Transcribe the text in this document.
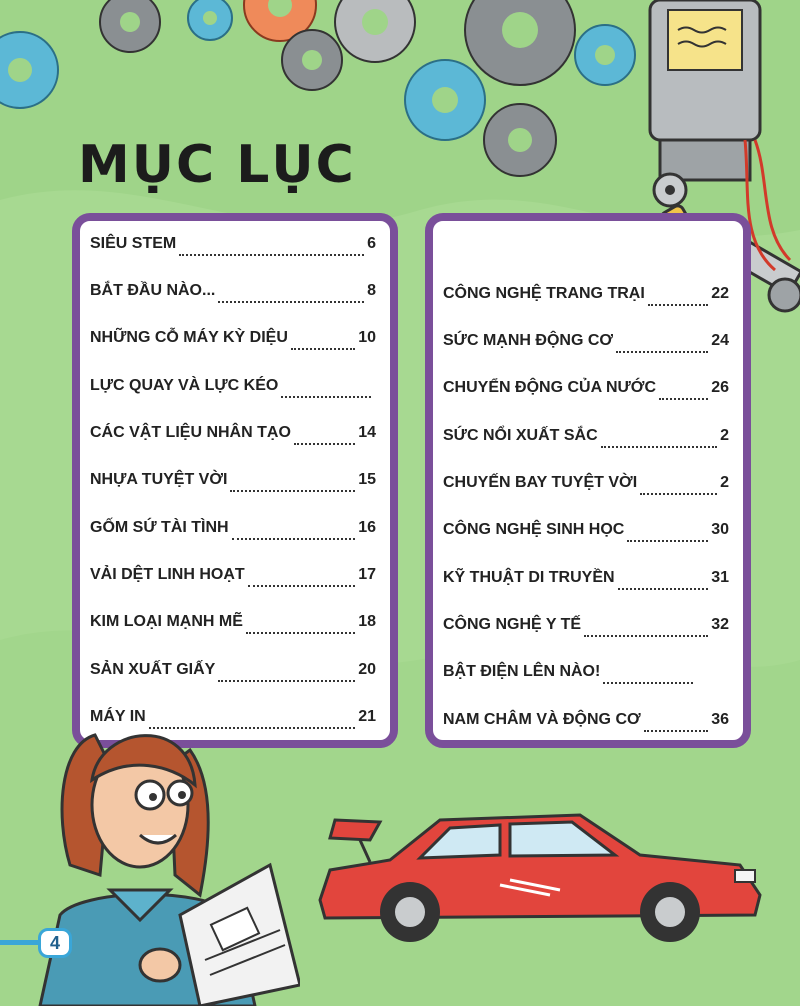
MỤC LỤC
SIÊU STEM	6
BẮT ĐẦU NÀO...	8
NHỮNG CỖ MÁY KỲ DIỆU	10
LỰC QUAY VÀ LỰC KÉO
CÁC VẬT LIỆU NHÂN TẠO	14
NHỰA TUYỆT VỜI	15
GỐM SỨ TÀI TÌNH	16
VẢI DỆT LINH HOẠT	17
KIM LOẠI MẠNH MẼ	18
SẢN XUẤT GIẤY	20
MÁY IN	21
CÔNG NGHỆ TRANG TRẠI	22
SỨC MẠNH ĐỘNG CƠ	24
CHUYỂN ĐỘNG CỦA NƯỚC	26
SỨC NỔI XUẤT SẮC	2
CHUYẾN BAY TUYỆT VỜI	2
CÔNG NGHỆ SINH HỌC	30
KỸ THUẬT DI TRUYỀN	31
CÔNG NGHỆ Y TẾ	32
BẬT ĐIỆN LÊN NÀO!
NAM CHÂM VÀ ĐỘNG CƠ	36
4
